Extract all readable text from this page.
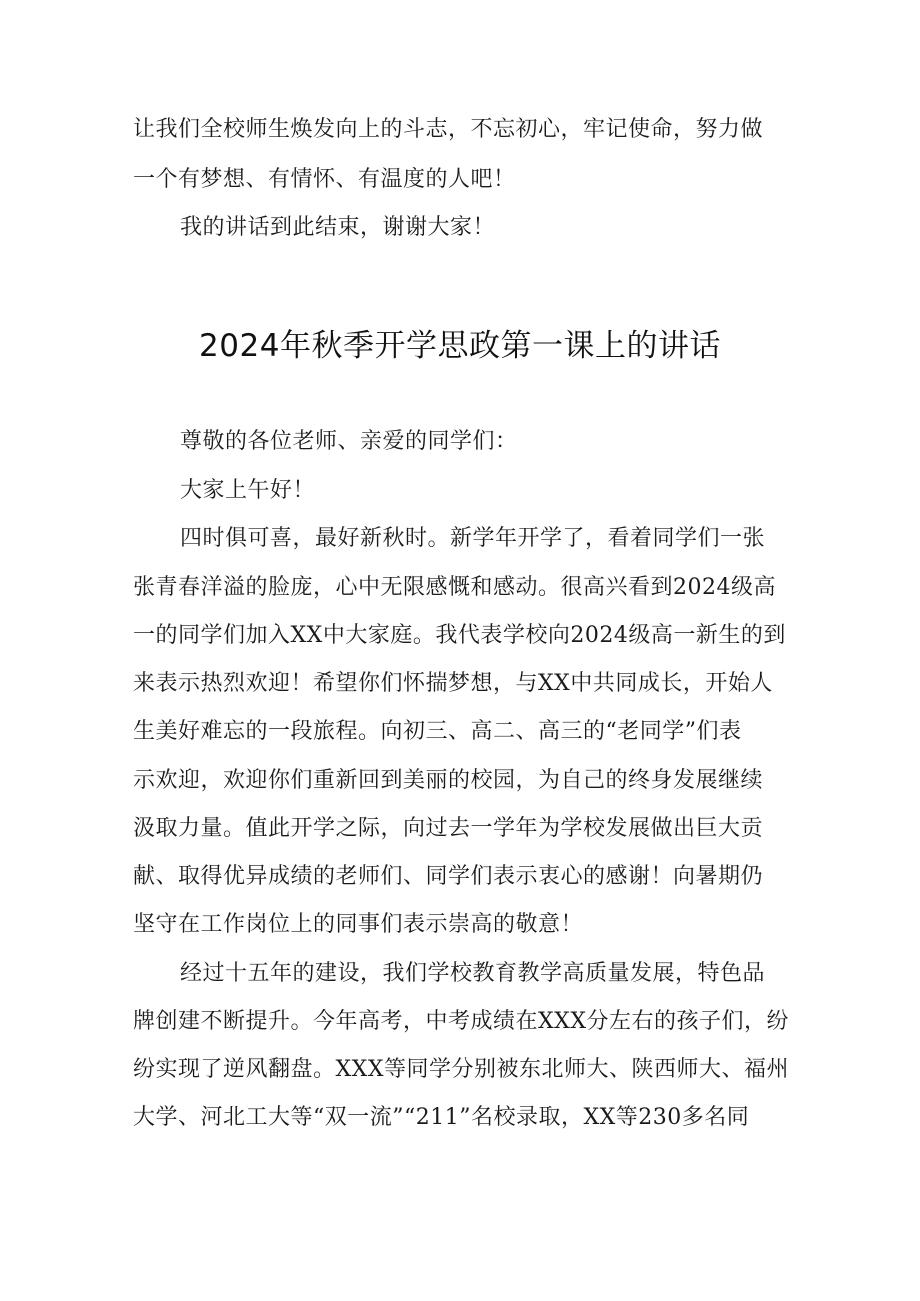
让我们全校师生焕发向上的斗志，不忘初心，牢记使命，努力做
一个有梦想、有情怀、有温度的人吧！
我的讲话到此结束，谢谢大家！
2024年秋季开学思政第一课上的讲话
尊敬的各位老师、亲爱的同学们：
大家上午好！
四时俱可喜，最好新秋时。新学年开学了，看着同学们一张
张青春洋溢的脸庞，心中无限感慨和感动。很高兴看到2024级高
一的同学们加入XX中大家庭。我代表学校向2024级高一新生的到
来表示热烈欢迎！希望你们怀揣梦想，与XX中共同成长，开始人
生美好难忘的一段旅程。向初三、高二、高三的“老同学”们表
示欢迎，欢迎你们重新回到美丽的校园，为自己的终身发展继续
汲取力量。值此开学之际，向过去一学年为学校发展做出巨大贡
献、取得优异成绩的老师们、同学们表示衷心的感谢！向暑期仍
坚守在工作岗位上的同事们表示崇高的敬意！
经过十五年的建设，我们学校教育教学高质量发展，特色品
牌创建不断提升。今年高考，中考成绩在XXX分左右的孩子们，纷
纷实现了逆风翻盘。XXX等同学分别被东北师大、陕西师大、福州
大学、河北工大等“双一流”“211”名校录取，XX等230多名同
